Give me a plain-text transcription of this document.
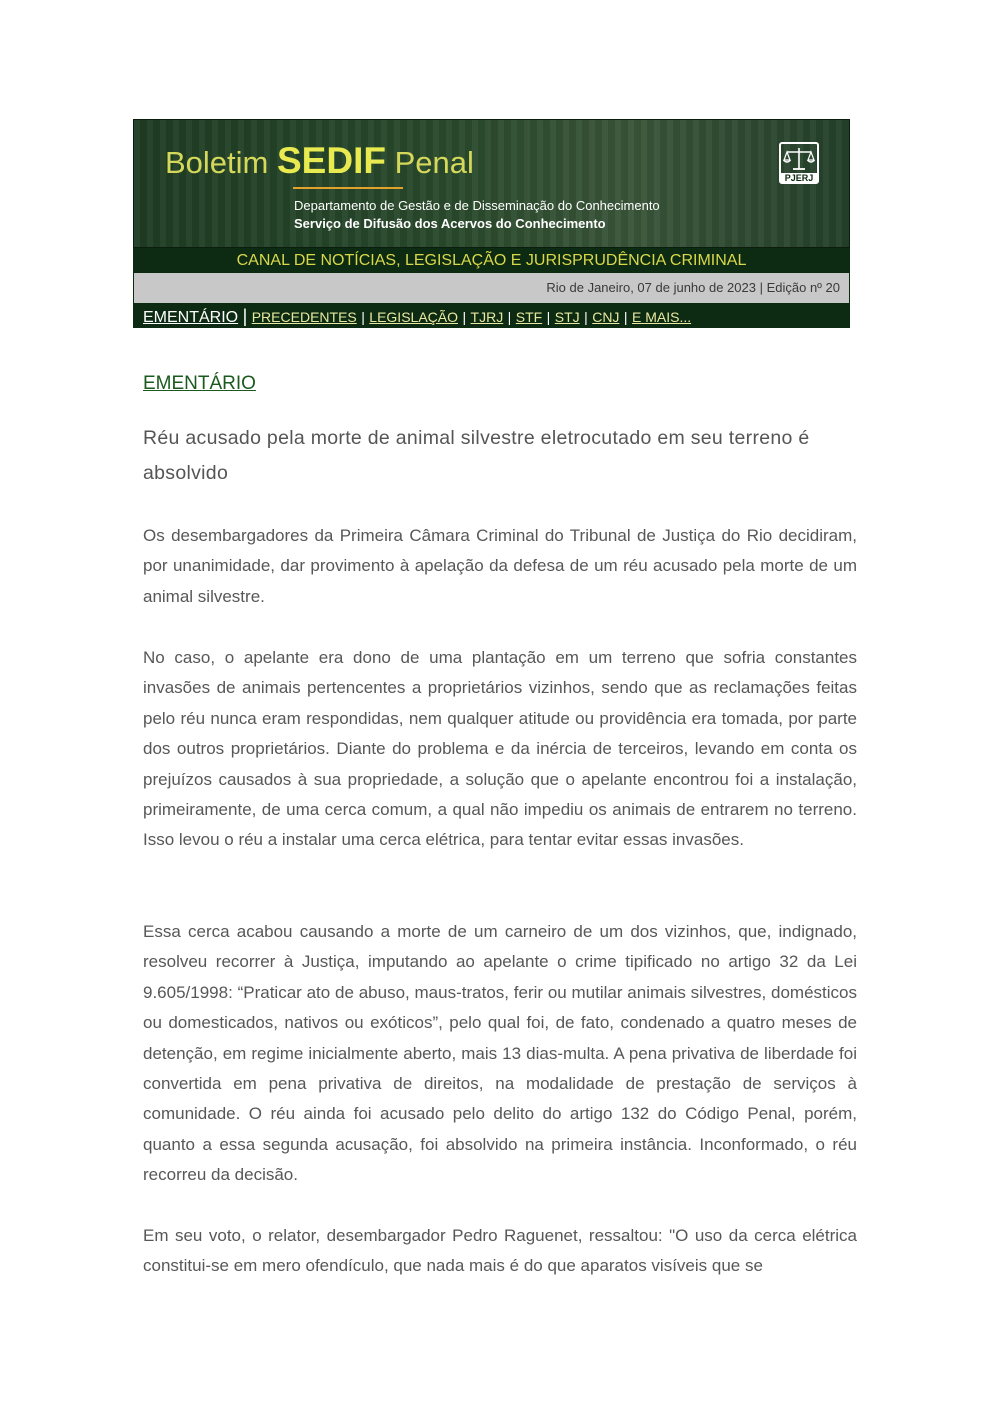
Boletim SEDIF Penal
Departamento de Gestão e de Disseminação do Conhecimento
Serviço de Difusão dos Acervos do Conhecimento
PJERJ
CANAL DE NOTÍCIAS, LEGISLAÇÃO E JURISPRUDÊNCIA CRIMINAL
Rio de Janeiro, 07 de junho de 2023 | Edição nº 20
EMENTÁRIO | PRECEDENTES | LEGISLAÇÃO | TJRJ | STF | STJ | CNJ | E MAIS...
EMENTÁRIO
Réu acusado pela morte de animal silvestre eletrocutado em seu terreno é absolvido

Os desembargadores da Primeira Câmara Criminal do Tribunal de Justiça do Rio decidiram, por unanimidade, dar provimento à apelação da defesa de um réu acusado pela morte de um animal silvestre.

No caso, o apelante era dono de uma plantação em um terreno que sofria constantes invasões de animais pertencentes a proprietários vizinhos, sendo que as reclamações feitas pelo réu nunca eram respondidas, nem qualquer atitude ou providência era tomada, por parte dos outros proprietários. Diante do problema e da inércia de terceiros, levando em conta os prejuízos causados à sua propriedade, a solução que o apelante encontrou foi a instalação, primeiramente, de uma cerca comum, a qual não impediu os animais de entrarem no terreno. Isso levou o réu a instalar uma cerca elétrica, para tentar evitar essas invasões.

Essa cerca acabou causando a morte de um carneiro de um dos vizinhos, que, indignado, resolveu recorrer à Justiça, imputando ao apelante o crime tipificado no artigo 32 da Lei 9.605/1998: “Praticar ato de abuso, maus-tratos, ferir ou mutilar animais silvestres, domésticos ou domesticados, nativos ou exóticos”, pelo qual foi, de fato, condenado a quatro meses de detenção, em regime inicialmente aberto, mais 13 dias-multa. A pena privativa de liberdade foi convertida em pena privativa de direitos, na modalidade de prestação de serviços à comunidade. O réu ainda foi acusado pelo delito do artigo 132 do Código Penal, porém, quanto a essa segunda acusação, foi absolvido na primeira instância. Inconformado, o réu recorreu da decisão.

Em seu voto, o relator, desembargador Pedro Raguenet, ressaltou: "O uso da cerca elétrica constitui-se em mero ofendículo, que nada mais é do que aparatos visíveis que se
